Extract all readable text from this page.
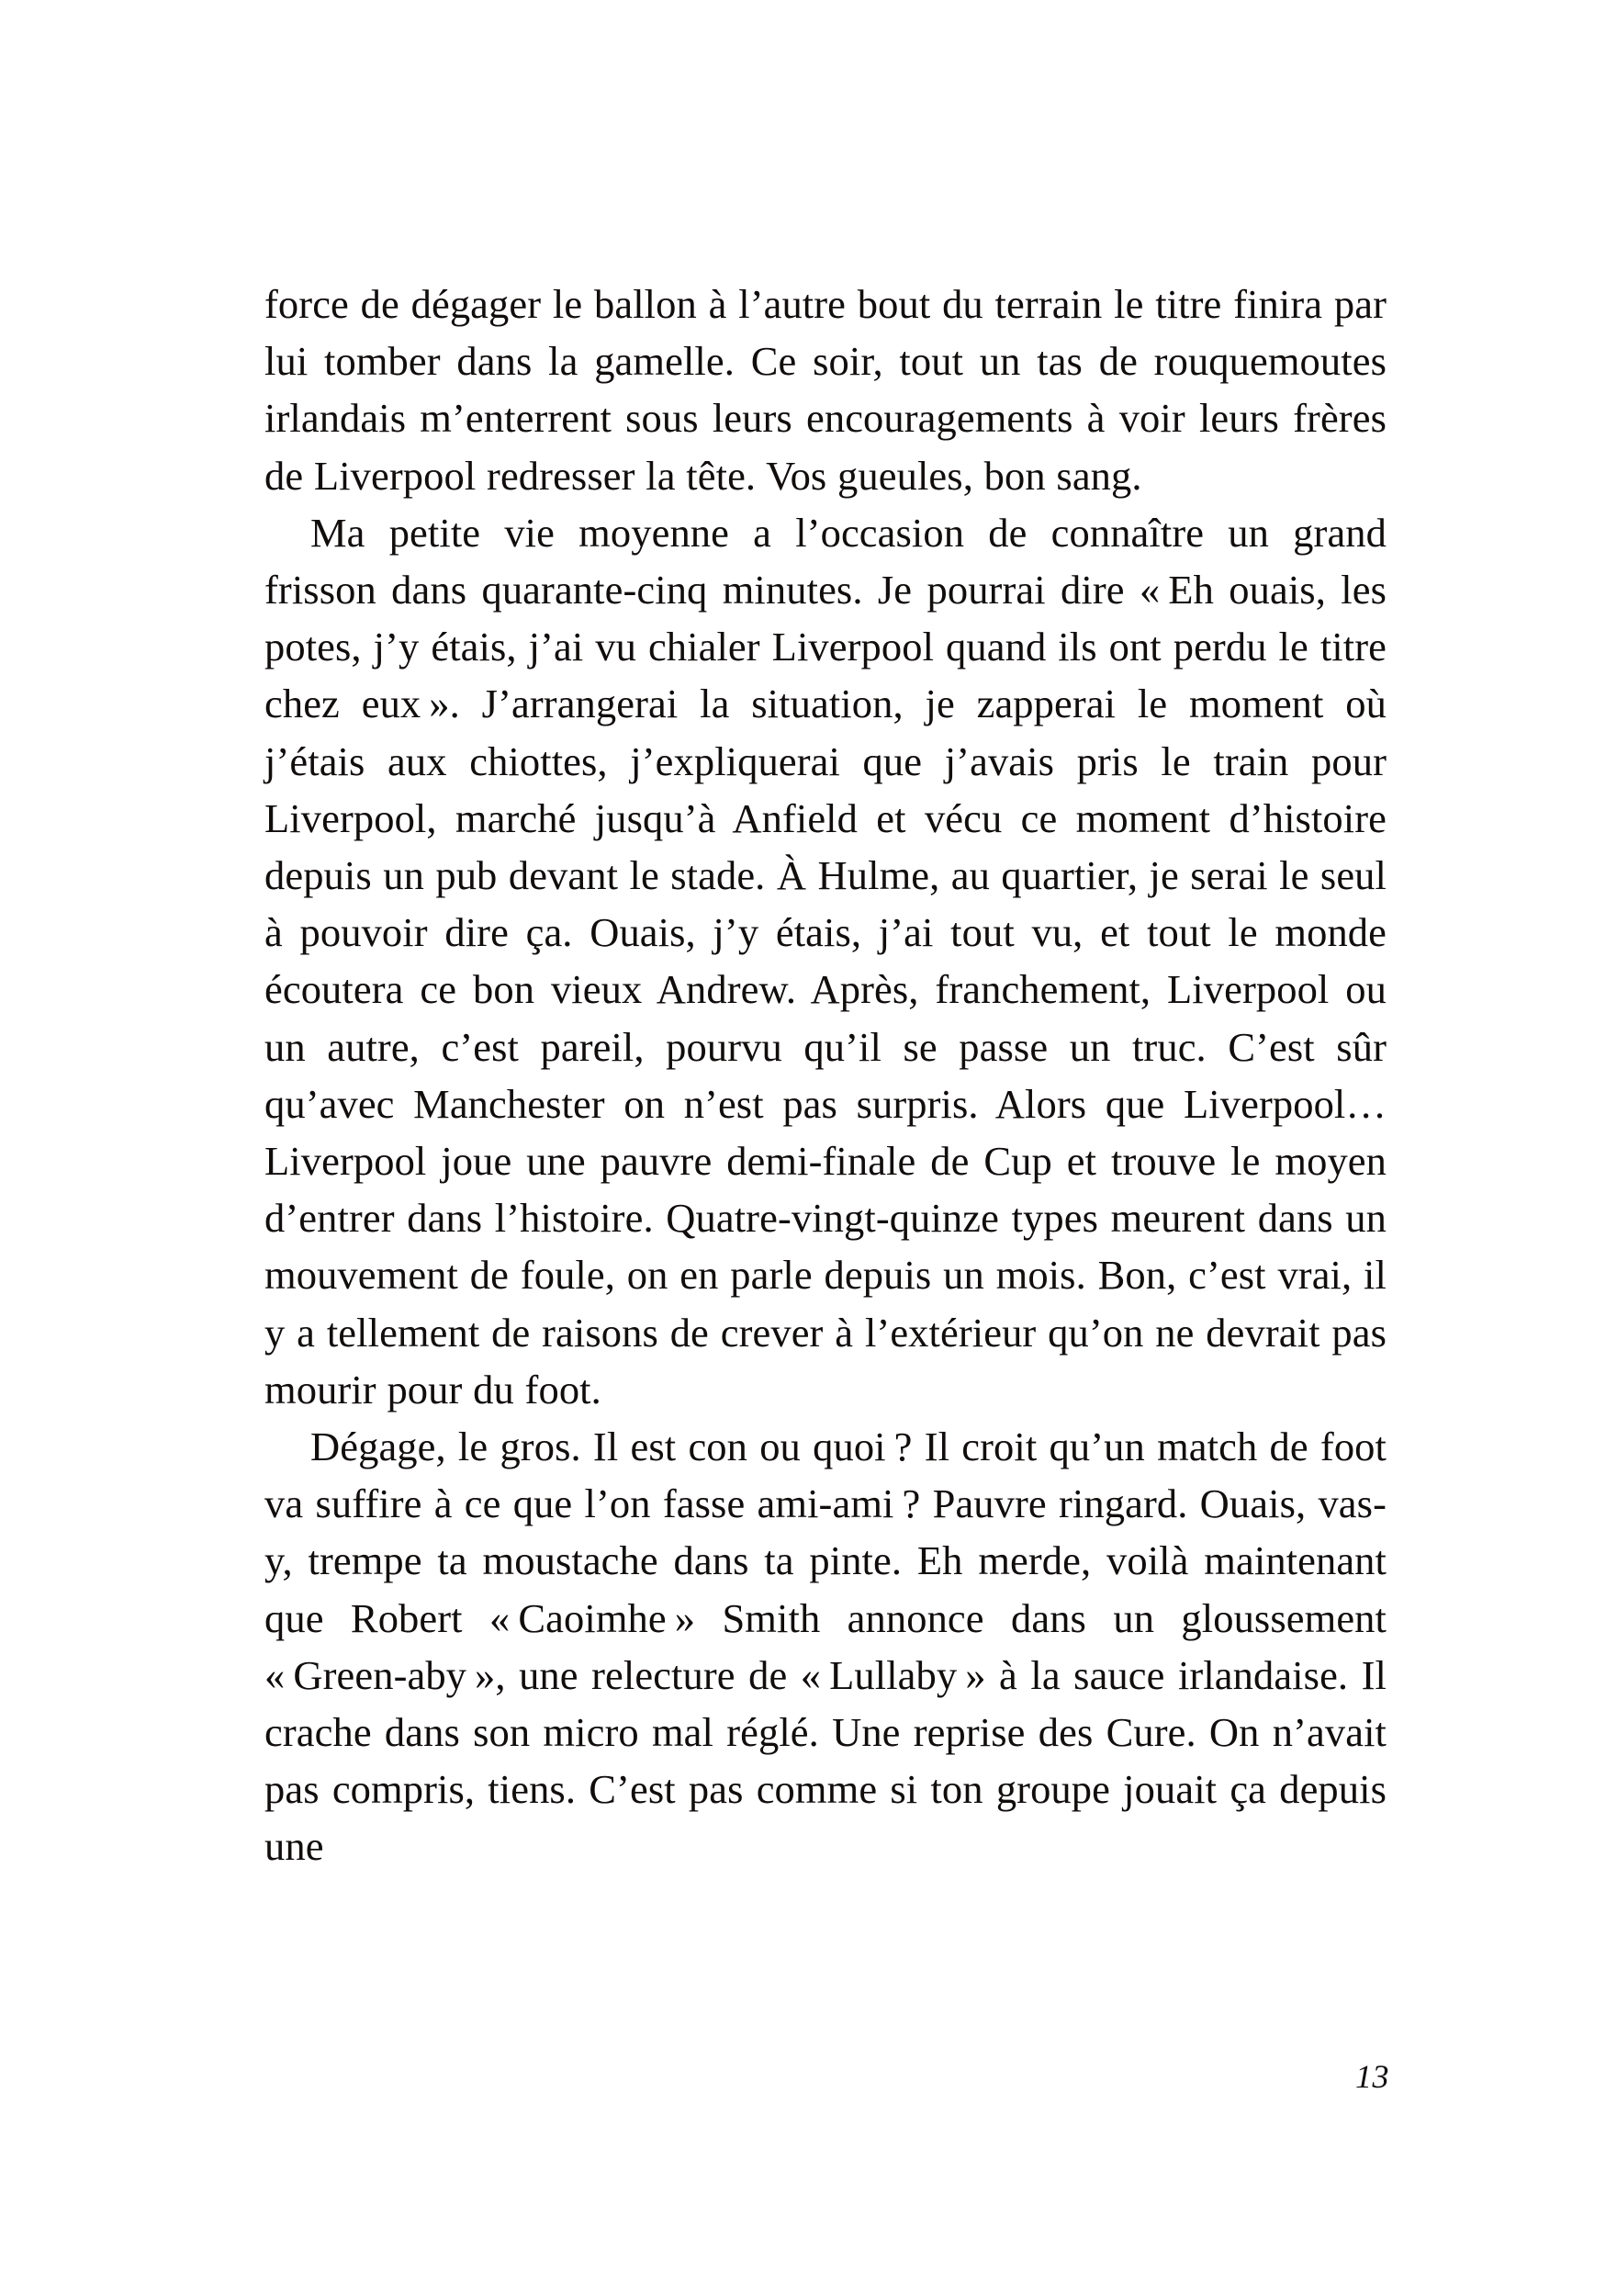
force de dégager le ballon à l’autre bout du terrain le titre finira par lui tomber dans la gamelle. Ce soir, tout un tas de rouquemoutes irlandais m’enterrent sous leurs encouragements à voir leurs frères de Liverpool redresser la tête. Vos gueules, bon sang.

Ma petite vie moyenne a l’occasion de connaître un grand frisson dans quarante-cinq minutes. Je pourrai dire « Eh ouais, les potes, j’y étais, j’ai vu chialer Liverpool quand ils ont perdu le titre chez eux ». J’arrangerai la situation, je zapperai le moment où j’étais aux chiottes, j’expliquerai que j’avais pris le train pour Liverpool, marché jusqu’à Anfield et vécu ce moment d’histoire depuis un pub devant le stade. À Hulme, au quartier, je serai le seul à pouvoir dire ça. Ouais, j’y étais, j’ai tout vu, et tout le monde écoutera ce bon vieux Andrew. Après, franchement, Liverpool ou un autre, c’est pareil, pourvu qu’il se passe un truc. C’est sûr qu’avec Manchester on n’est pas surpris. Alors que Liverpool… Liverpool joue une pauvre demi-finale de Cup et trouve le moyen d’entrer dans l’histoire. Quatre-vingt-quinze types meurent dans un mouvement de foule, on en parle depuis un mois. Bon, c’est vrai, il y a tellement de raisons de crever à l’extérieur qu’on ne devrait pas mourir pour du foot.

Dégage, le gros. Il est con ou quoi ? Il croit qu’un match de foot va suffire à ce que l’on fasse ami-ami ? Pauvre ringard. Ouais, vas-y, trempe ta moustache dans ta pinte. Eh merde, voilà maintenant que Robert « Caoimhe » Smith annonce dans un gloussement « Green-aby », une relecture de « Lullaby » à la sauce irlandaise. Il crache dans son micro mal réglé. Une reprise des Cure. On n’avait pas compris, tiens. C’est pas comme si ton groupe jouait ça depuis une

13
